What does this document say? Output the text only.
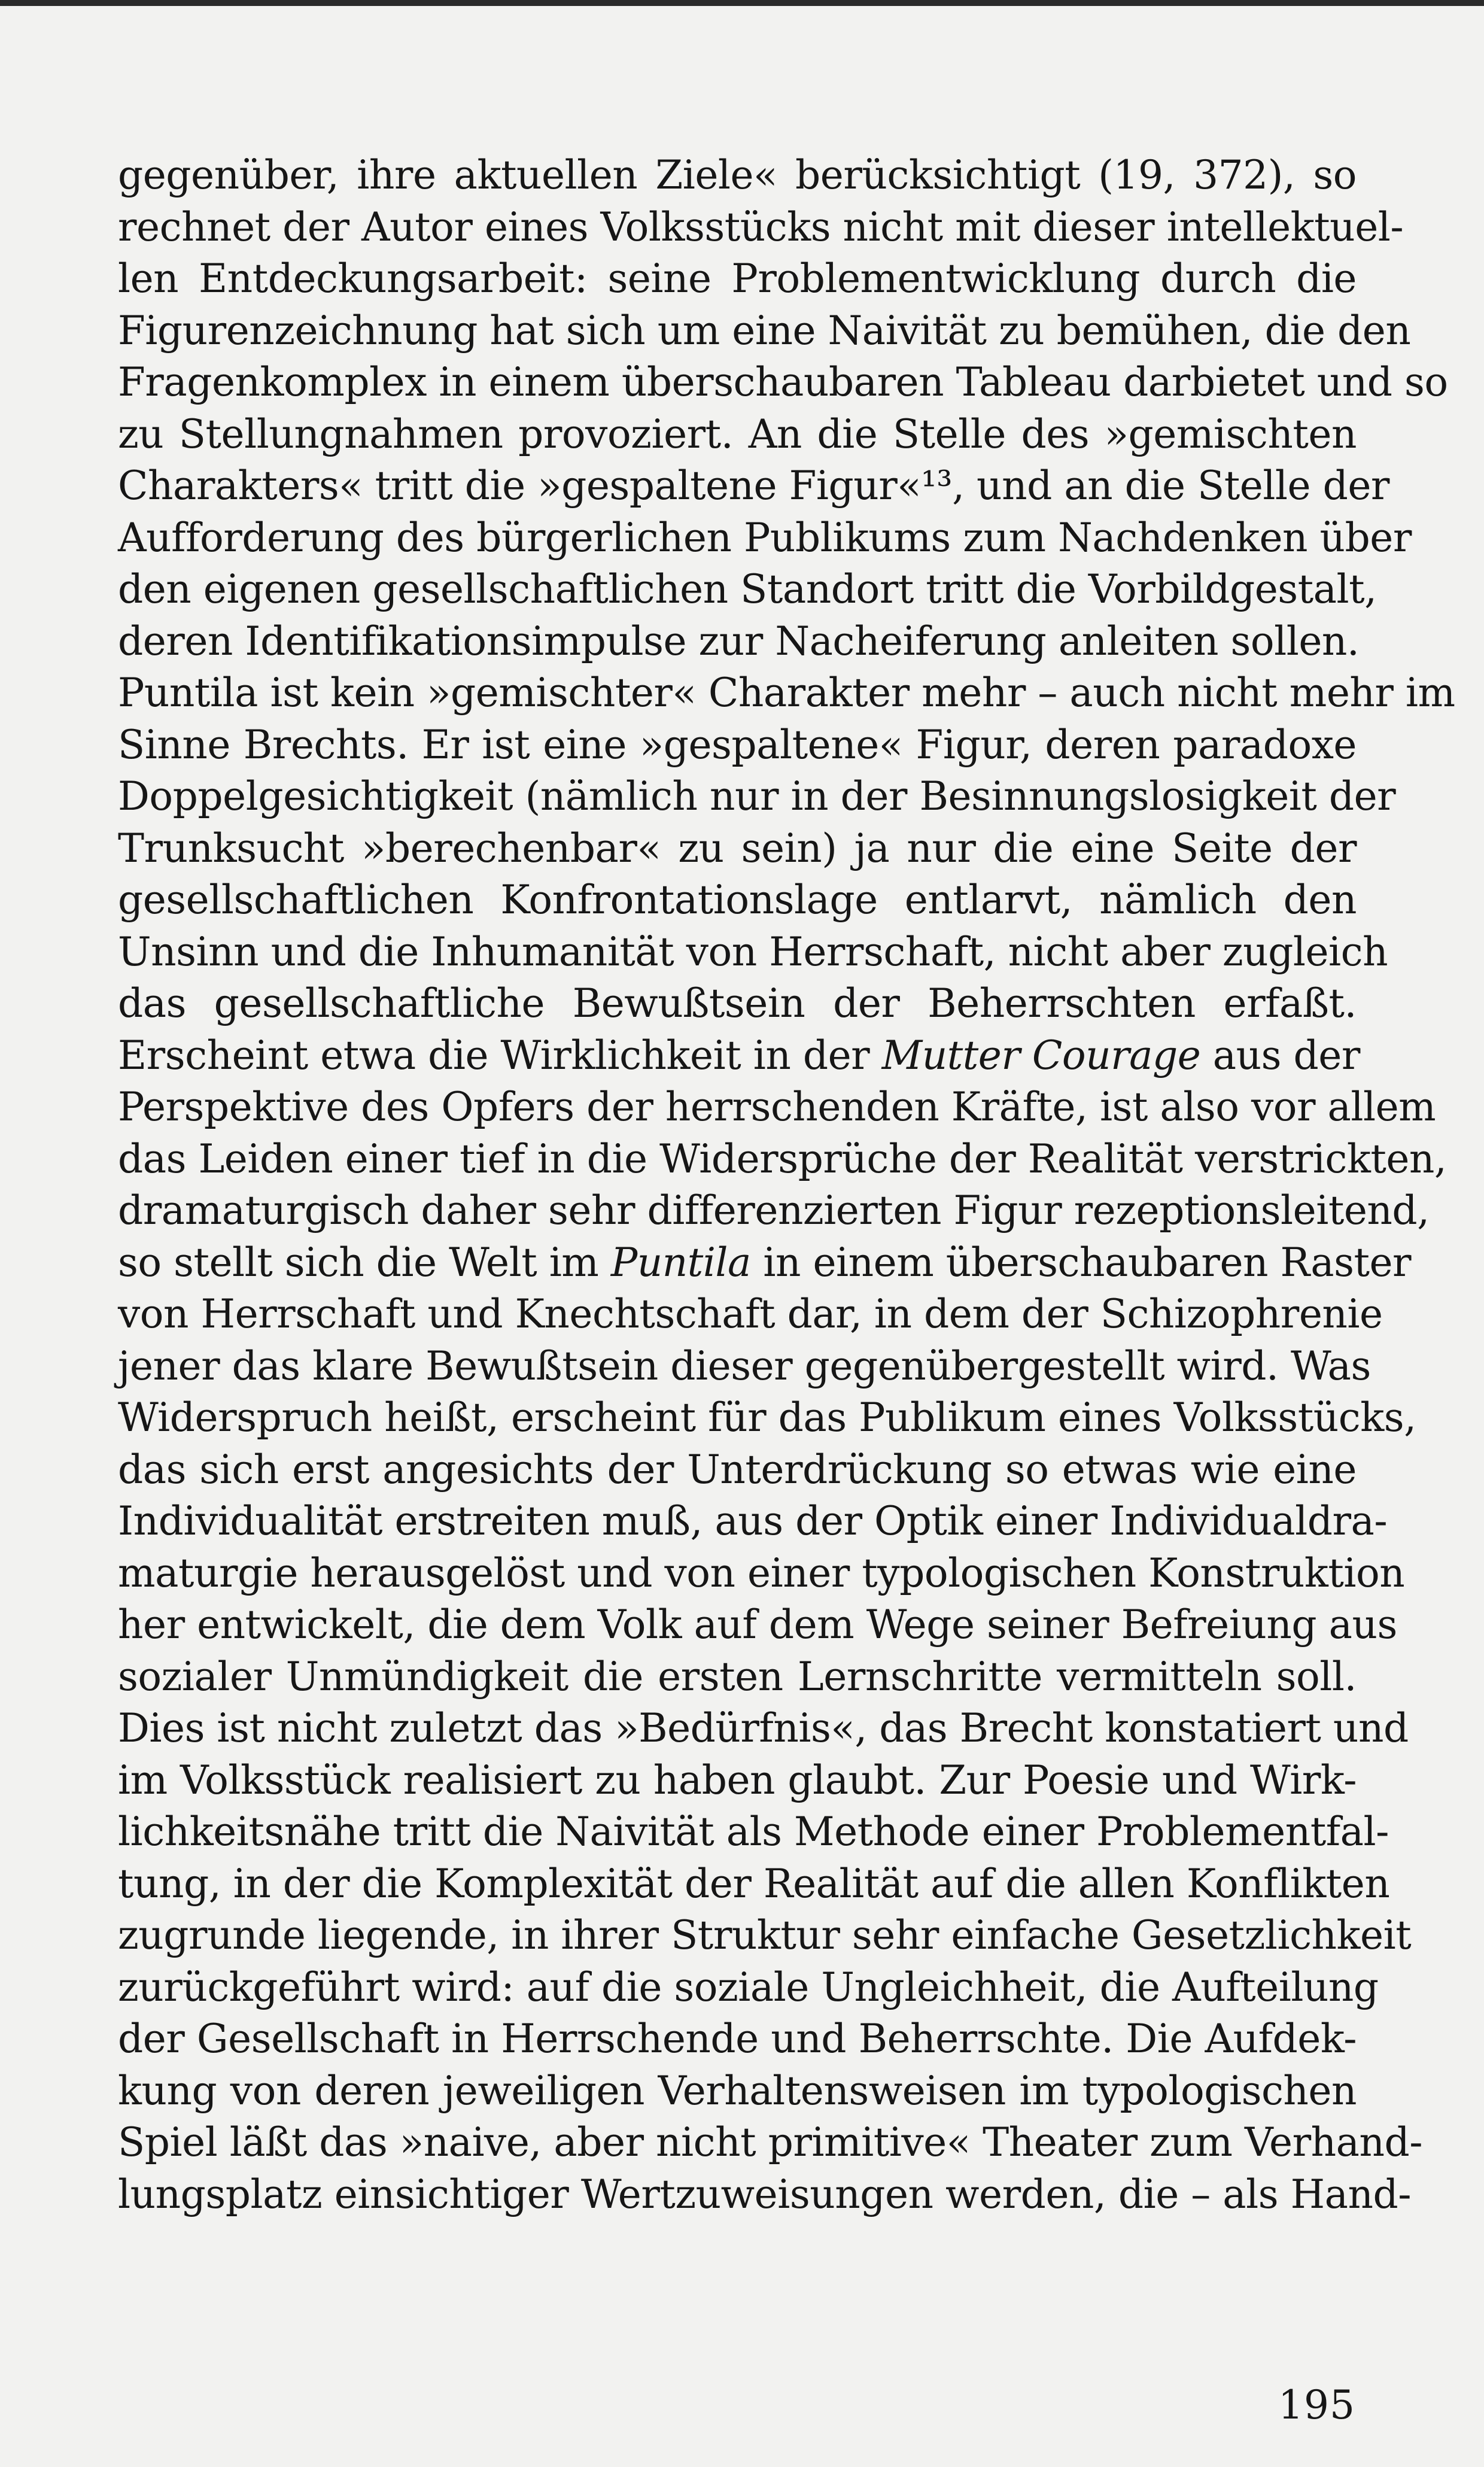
gegenüber, ihre aktuellen Ziele« berücksichtigt (19, 372), so
rechnet der Autor eines Volksstücks nicht mit dieser intellektuel-
len Entdeckungsarbeit: seine Problementwicklung durch die
Figurenzeichnung hat sich um eine Naivität zu bemühen, die den
Fragenkomplex in einem überschaubaren Tableau darbietet und so
zu Stellungnahmen provoziert. An die Stelle des »gemischten
Charakters« tritt die »gespaltene Figur«¹³, und an die Stelle der
Aufforderung des bürgerlichen Publikums zum Nachdenken über
den eigenen gesellschaftlichen Standort tritt die Vorbildgestalt,
deren Identifikationsimpulse zur Nacheiferung anleiten sollen.
Puntila ist kein »gemischter« Charakter mehr – auch nicht mehr im
Sinne Brechts. Er ist eine »gespaltene« Figur, deren paradoxe
Doppelgesichtigkeit (nämlich nur in der Besinnungslosigkeit der
Trunksucht »berechenbar« zu sein) ja nur die eine Seite der
gesellschaftlichen Konfrontationslage entlarvt, nämlich den
Unsinn und die Inhumanität von Herrschaft, nicht aber zugleich
das gesellschaftliche Bewußtsein der Beherrschten erfaßt.
Erscheint etwa die Wirklichkeit in der Mutter Courage aus der
Perspektive des Opfers der herrschenden Kräfte, ist also vor allem
das Leiden einer tief in die Widersprüche der Realität verstrickten,
dramaturgisch daher sehr differenzierten Figur rezeptionsleitend,
so stellt sich die Welt im Puntila in einem überschaubaren Raster
von Herrschaft und Knechtschaft dar, in dem der Schizophrenie
jener das klare Bewußtsein dieser gegenübergestellt wird. Was
Widerspruch heißt, erscheint für das Publikum eines Volksstücks,
das sich erst angesichts der Unterdrückung so etwas wie eine
Individualität erstreiten muß, aus der Optik einer Individualdra-
maturgie herausgelöst und von einer typologischen Konstruktion
her entwickelt, die dem Volk auf dem Wege seiner Befreiung aus
sozialer Unmündigkeit die ersten Lernschritte vermitteln soll.
Dies ist nicht zuletzt das »Bedürfnis«, das Brecht konstatiert und
im Volksstück realisiert zu haben glaubt. Zur Poesie und Wirk-
lichkeitsnähe tritt die Naivität als Methode einer Problementfal-
tung, in der die Komplexität der Realität auf die allen Konflikten
zugrunde liegende, in ihrer Struktur sehr einfache Gesetzlichkeit
zurückgeführt wird: auf die soziale Ungleichheit, die Aufteilung
der Gesellschaft in Herrschende und Beherrschte. Die Aufdek-
kung von deren jeweiligen Verhaltensweisen im typologischen
Spiel läßt das »naive, aber nicht primitive« Theater zum Verhand-
lungsplatz einsichtiger Wertzuweisungen werden, die – als Hand-
195
